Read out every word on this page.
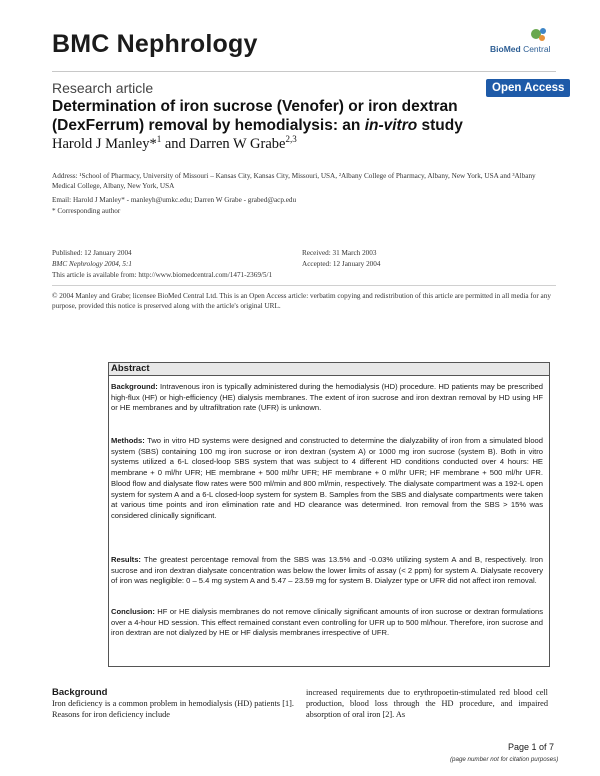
BMC Nephrology	BioMed Central
Research article	Open Access
Determination of iron sucrose (Venofer) or iron dextran (DexFerrum) removal by hemodialysis: an in-vitro study
Harold J Manley*$^1$ and Darren W Grabe$^{2,3}$
Address: ¹School of Pharmacy, University of Missouri – Kansas City, Kansas City, Missouri, USA, ²Albany College of Pharmacy, Albany, New York, USA and ³Albany Medical College, Albany, New York, USA
Email: Harold J Manley* - manleyh@umkc.edu; Darren W Grabe - grabed@acp.edu
* Corresponding author
Published: 12 January 2004
BMC Nephrology 2004, 5:1
This article is available from: http://www.biomedcentral.com/1471-2369/5/1
Received: 31 March 2003
Accepted: 12 January 2004
© 2004 Manley and Grabe; licensee BioMed Central Ltd. This is an Open Access article: verbatim copying and redistribution of this article are permitted in all media for any purpose, provided this notice is preserved along with the article's original URL.
Abstract
Background: Intravenous iron is typically administered during the hemodialysis (HD) procedure. HD patients may be prescribed high-flux (HF) or high-efficiency (HE) dialysis membranes. The extent of iron sucrose and iron dextran removal by HD using HF or HE membranes and by ultrafiltration rate (UFR) is unknown.
Methods: Two in vitro HD systems were designed and constructed to determine the dialyzability of iron from a simulated blood system (SBS) containing 100 mg iron sucrose or iron dextran (system A) or 1000 mg iron sucrose (system B). Both in vitro systems utilized a 6-L closed-loop SBS system that was subject to 4 different HD conditions conducted over 4 hours: HE membrane + 0 ml/hr UFR; HE membrane + 500 ml/hr UFR; HF membrane + 0 ml/hr UFR; HF membrane + 500 ml/hr UFR. Blood flow and dialysate flow rates were 500 ml/min and 800 ml/min, respectively. The dialysate compartment was a 192-L open system for system A and a 6-L closed-loop system for system B. Samples from the SBS and dialysate compartments were taken at various time points and iron elimination rate and HD clearance was determined. Iron removal from the SBS > 15% was considered clinically significant.
Results: The greatest percentage removal from the SBS was 13.5% and -0.03% utilizing system A and B, respectively. Iron sucrose and iron dextran dialysate concentration was below the lower limits of assay (< 2 ppm) for system A. Dialysate recovery of iron was negligible: 0 – 5.4 mg system A and 5.47 – 23.59 mg for system B. Dialyzer type or UFR did not affect iron removal.
Conclusion: HF or HE dialysis membranes do not remove clinically significant amounts of iron sucrose or dextran formulations over a 4-hour HD session. This effect remained constant even controlling for UFR up to 500 ml/hour. Therefore, iron sucrose and iron dextran are not dialyzed by HE or HF dialysis membranes irrespective of UFR.
Background
Iron deficiency is a common problem in hemodialysis (HD) patients [1]. Reasons for iron deficiency include
increased requirements due to erythropoetin-stimulated red blood cell production, blood loss through the HD procedure, and impaired absorption of oral iron [2]. As
Page 1 of 7
(page number not for citation purposes)
